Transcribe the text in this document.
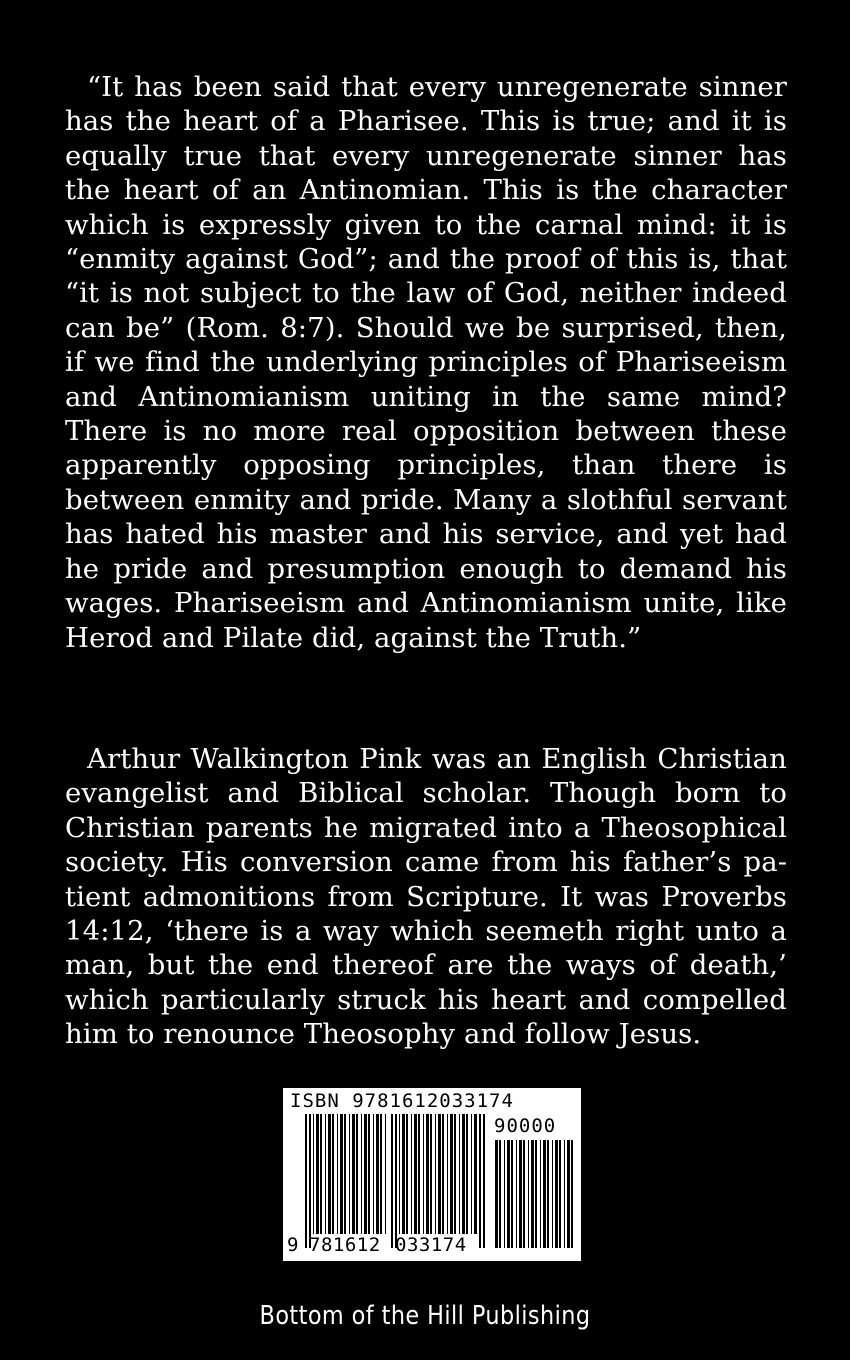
“It has been said that every unregenerate sinner has the heart of a Pharisee. This is true; and it is equally true that every unregenerate sinner has the heart of an Antinomian. This is the character which is expressly given to the carnal mind: it is “enmity against God”; and the proof of this is, that “it is not subject to the law of God, neither indeed can be” (Rom. 8:7). Should we be surprised, then, if we find the underlying principles of Phariseeism and Antinomianism uniting in the same mind? There is no more real opposition between these apparently opposing principles, than there is between enmity and pride. Many a slothful servant has hated his master and his service, and yet had he pride and presumption enough to demand his wages. Phariseeism and Antinomianism unite, like Herod and Pilate did, against the Truth.”

Arthur Walkington Pink was an English Christian evangelist and Biblical scholar. Though born to Christian parents he migrated into a Theosophical society. His conversion came from his father’s patient admonitions from Scripture. It was Proverbs 14:12, ‘there is a way which seemeth right unto a man, but the end thereof are the ways of death,’ which particularly struck his heart and compelled him to renounce Theosophy and follow Jesus.

ISBN 9781612033174
90000
9 781612 033174
Bottom of the Hill Publishing
